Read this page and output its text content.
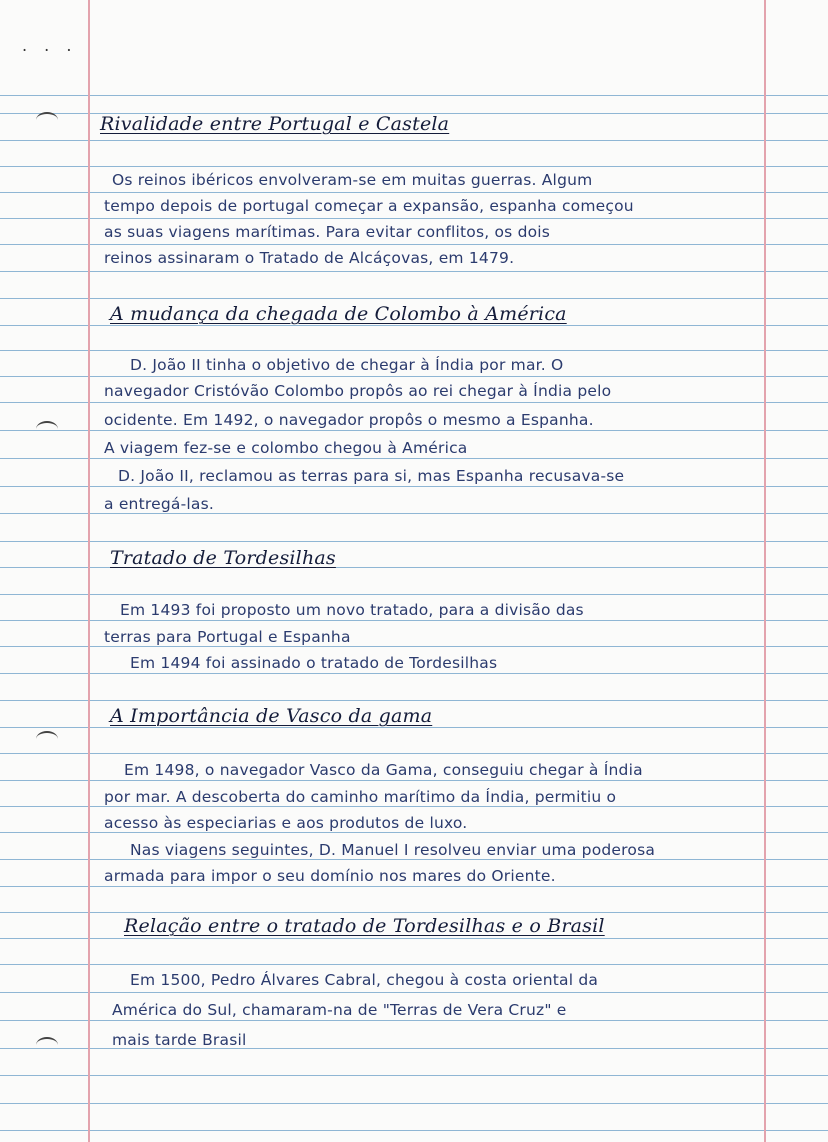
. . .
Rivalidade entre Portugal e Castela
Os reinos ibéricos envolveram-se em muitas guerras. Algum
tempo depois de portugal começar a expansão, espanha começou
as suas viagens marítimas. Para evitar conflitos, os dois
reinos assinaram o Tratado de Alcáçovas, em 1479.
A mudança da chegada de Colombo à América
D. João II tinha o objetivo de chegar à Índia por mar. O
navegador Cristóvão Colombo propôs ao rei chegar à Índia pelo
ocidente. Em 1492, o navegador propôs o mesmo a Espanha.
A viagem fez-se e colombo chegou à América
D. João II, reclamou as terras para si, mas Espanha recusava-se
a entregá-las.
Tratado de Tordesilhas
Em 1493 foi proposto um novo tratado, para a divisão das
terras para Portugal e Espanha
Em 1494 foi assinado o tratado de Tordesilhas
A Importância de Vasco da gama
Em 1498, o navegador Vasco da Gama, conseguiu chegar à Índia
por mar. A descoberta do caminho marítimo da Índia, permitiu o
acesso às especiarias e aos produtos de luxo.
Nas viagens seguintes, D. Manuel I resolveu enviar uma poderosa
armada para impor o seu domínio nos mares do Oriente.
Relação entre o tratado de Tordesilhas e o Brasil
Em 1500, Pedro Álvares Cabral, chegou à costa oriental da
América do Sul, chamaram-na de "Terras de Vera Cruz" e
mais tarde Brasil
